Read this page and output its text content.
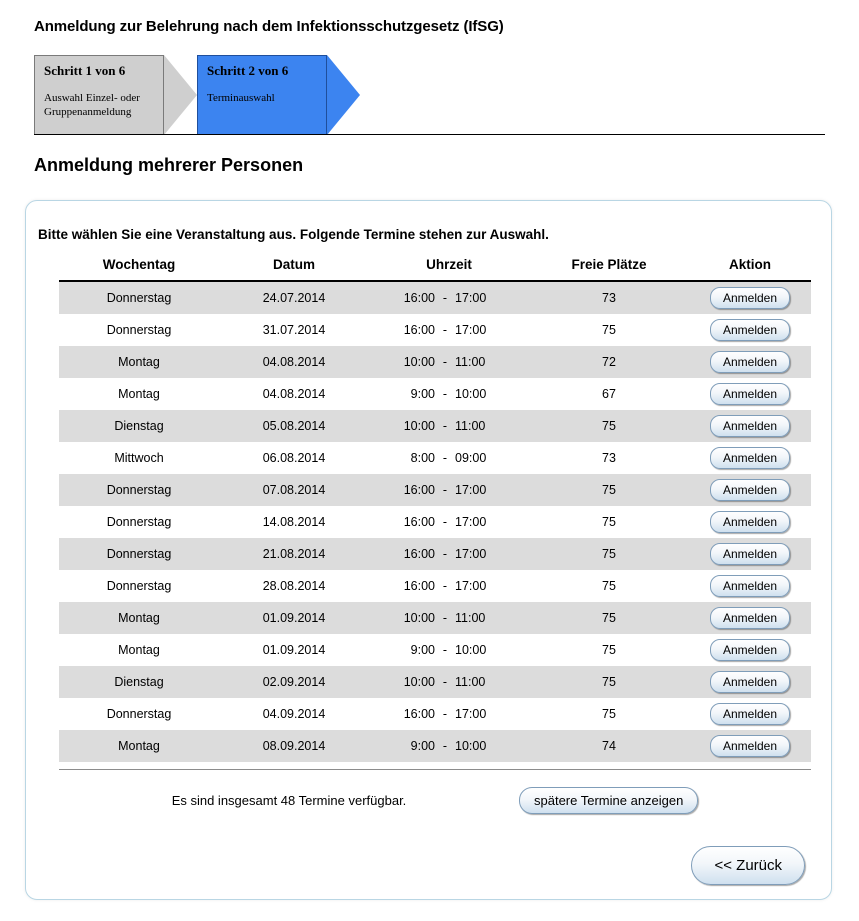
Anmeldung zur Belehrung nach dem Infektionsschutzgesetz (IfSG)
Schritt 1 von 6
Auswahl Einzel- oder Gruppenanmeldung
Schritt 2 von 6
Terminauswahl
Anmeldung mehrerer Personen
Bitte wählen Sie eine Veranstaltung aus. Folgende Termine stehen zur Auswahl.
Wochentag	Datum	Uhrzeit	Freie Plätze	Aktion
Donnerstag	24.07.2014	16:00 - 17:00	73	Anmelden
Donnerstag	31.07.2014	16:00 - 17:00	75	Anmelden
Montag	04.08.2014	10:00 - 11:00	72	Anmelden
Montag	04.08.2014	9:00 - 10:00	67	Anmelden
Dienstag	05.08.2014	10:00 - 11:00	75	Anmelden
Mittwoch	06.08.2014	8:00 - 09:00	73	Anmelden
Donnerstag	07.08.2014	16:00 - 17:00	75	Anmelden
Donnerstag	14.08.2014	16:00 - 17:00	75	Anmelden
Donnerstag	21.08.2014	16:00 - 17:00	75	Anmelden
Donnerstag	28.08.2014	16:00 - 17:00	75	Anmelden
Montag	01.09.2014	10:00 - 11:00	75	Anmelden
Montag	01.09.2014	9:00 - 10:00	75	Anmelden
Dienstag	02.09.2014	10:00 - 11:00	75	Anmelden
Donnerstag	04.09.2014	16:00 - 17:00	75	Anmelden
Montag	08.09.2014	9:00 - 10:00	74	Anmelden
Es sind insgesamt 48 Termine verfügbar.	spätere Termine anzeigen
<< Zurück
